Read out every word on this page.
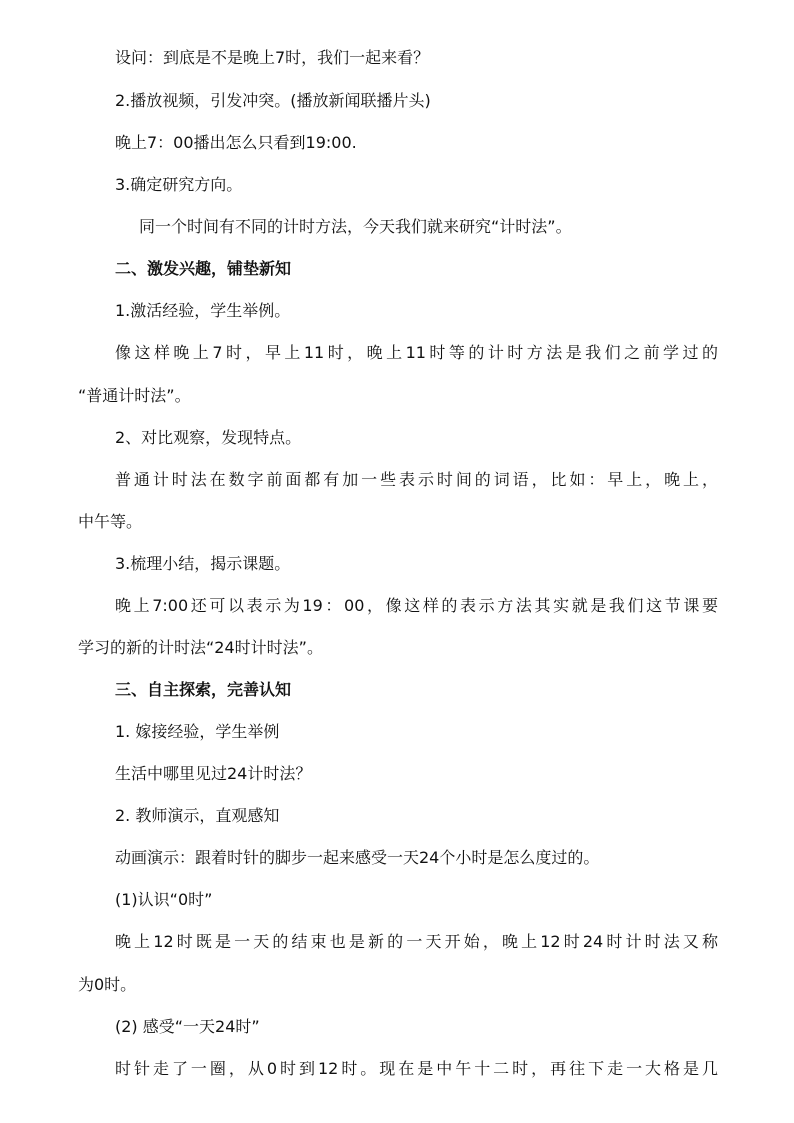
设问：到底是不是晚上7时，我们一起来看？
2.播放视频，引发冲突。(播放新闻联播片头)
晚上7：00播出怎么只看到19:00.
3.确定研究方向。
同一个时间有不同的计时方法，今天我们就来研究“计时法”。
二、激发兴趣，铺垫新知
1.激活经验，学生举例。
像这样晚上7时，早上11时，晚上11时等的计时方法是我们之前学过的
“普通计时法”。
2、对比观察，发现特点。
普通计时法在数字前面都有加一些表示时间的词语，比如：早上，晚上，
中午等。
3.梳理小结，揭示课题。
晚上7:00还可以表示为19：00，像这样的表示方法其实就是我们这节课要
学习的新的计时法“24时计时法”。
三、自主探索，完善认知
1. 嫁接经验，学生举例
生活中哪里见过24计时法？
2. 教师演示，直观感知
动画演示：跟着时针的脚步一起来感受一天24个小时是怎么度过的。
(1)认识“0时”
晚上12时既是一天的结束也是新的一天开始，晚上12时24时计时法又称
为0时。
(2) 感受“一天24时”
时针走了一圈，从0时到12时。现在是中午十二时，再往下走一大格是几
